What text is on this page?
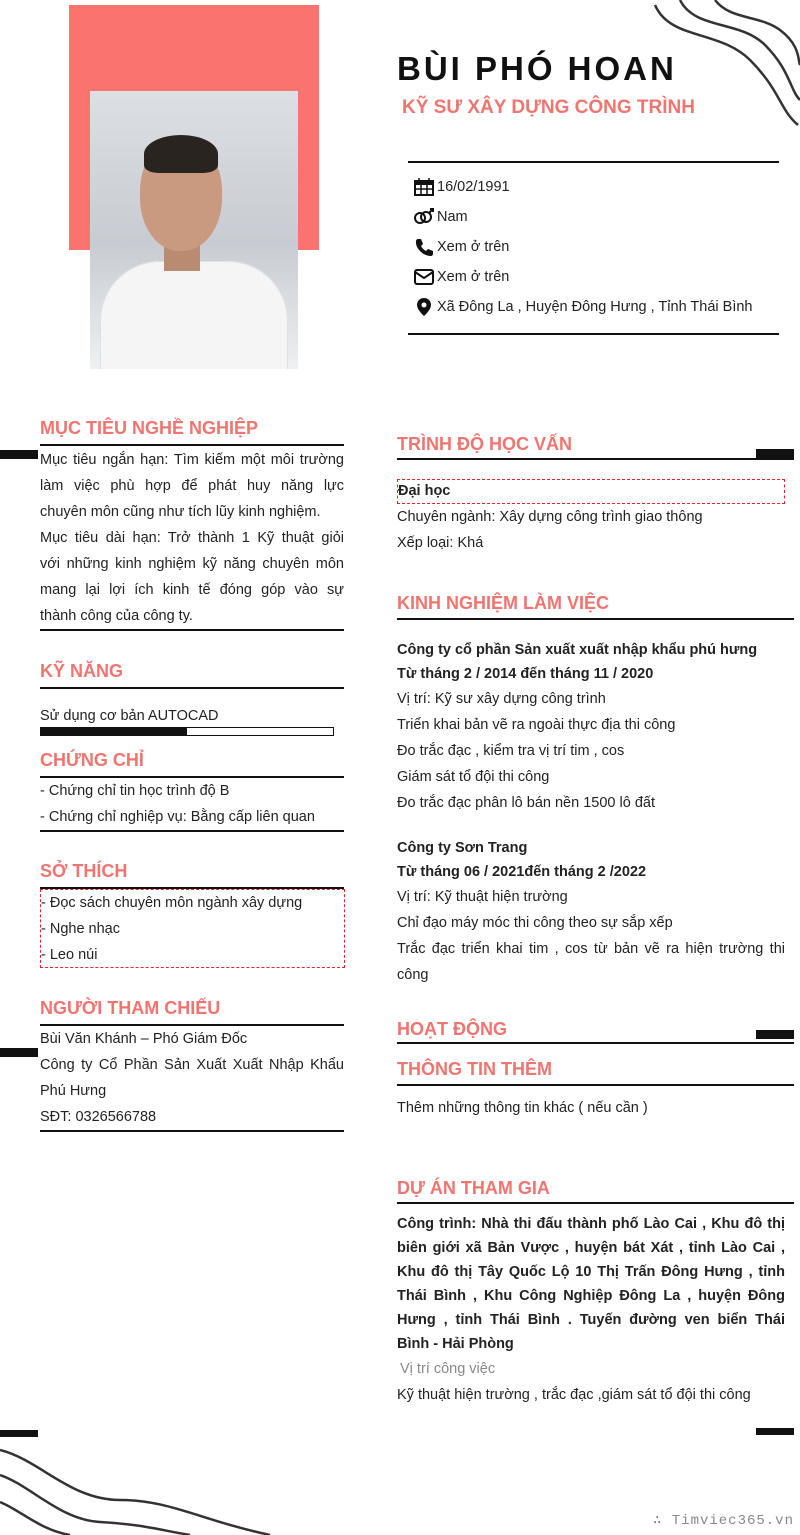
BÙI PHÓ HOAN
KỸ SƯ XÂY DỰNG CÔNG TRÌNH
16/02/1991
Nam
Xem ở trên
Xem ở trên
Xã Đông La , Huyện Đông Hưng , Tỉnh Thái Bình
MỤC TIÊU NGHỀ NGHIỆP
Mục tiêu ngắn hạn: Tìm kiếm một môi trường
làm việc phù hợp để phát huy năng lực
chuyên môn cũng như tích lũy kinh nghiệm.
Mục tiêu dài hạn: Trở thành 1 Kỹ thuật giỏi
với những kinh nghiệm kỹ năng chuyên môn
mang lại lợi ích kinh tế đóng góp vào sự
thành công của công ty.
KỸ NĂNG
Sử dụng cơ bản AUTOCAD
CHỨNG CHỈ
- Chứng chỉ tin học trình độ B
- Chứng chỉ nghiệp vụ: Bằng cấp liên quan
SỞ THÍCH
- Đọc sách chuyên môn ngành xây dựng
- Nghe nhạc
- Leo núi
NGƯỜI THAM CHIẾU
Bùi Văn Khánh – Phó Giám Đốc
Công ty Cổ Phần Sản Xuất Xuất Nhập Khẩu
Phú Hưng
SĐT: 0326566788
TRÌNH ĐỘ HỌC VẤN
Đại học
Chuyên ngành: Xây dựng công trình giao thông
Xếp loại: Khá
KINH NGHIỆM LÀM VIỆC
Công ty cổ phần Sản xuất xuất nhập khẩu phú hưng
Từ tháng 2 / 2014 đến tháng 11 / 2020
Vị trí: Kỹ sư xây dựng công trình
Triển khai bản vẽ ra ngoài thực địa thi công
Đo trắc đạc , kiểm tra vị trí tim , cos
Giám sát tổ đội thi công
Đo trắc đạc phân lô bán nền 1500 lô đất
Công ty Sơn Trang
Từ tháng 06 / 2021đến tháng 2 /2022
Vị trí: Kỹ thuật hiện trường
Chỉ đạo máy móc thi công theo sự sắp xếp
Trắc đạc triển khai tim , cos từ bản vẽ ra hiện trường thi
công
HOẠT ĐỘNG
THÔNG TIN THÊM
Thêm những thông tin khác ( nếu cần )
DỰ ÁN THAM GIA
Công trình: Nhà thi đấu thành phố Lào Cai , Khu đô thị
biên giới xã Bản Vược , huyện bát Xát , tỉnh Lào Cai ,
Khu đô thị Tây Quốc Lộ 10 Thị Trấn Đông Hưng , tỉnh
Thái Bình , Khu Công Nghiệp Đông La , huyện Đông
Hưng , tỉnh Thái Bình . Tuyến đường ven biển Thái
Bình - Hải Phòng
Vị trí công việc
Kỹ thuật hiện trường , trắc đạc ,giám sát tổ đội thi công
∴ Timviec365.vn
